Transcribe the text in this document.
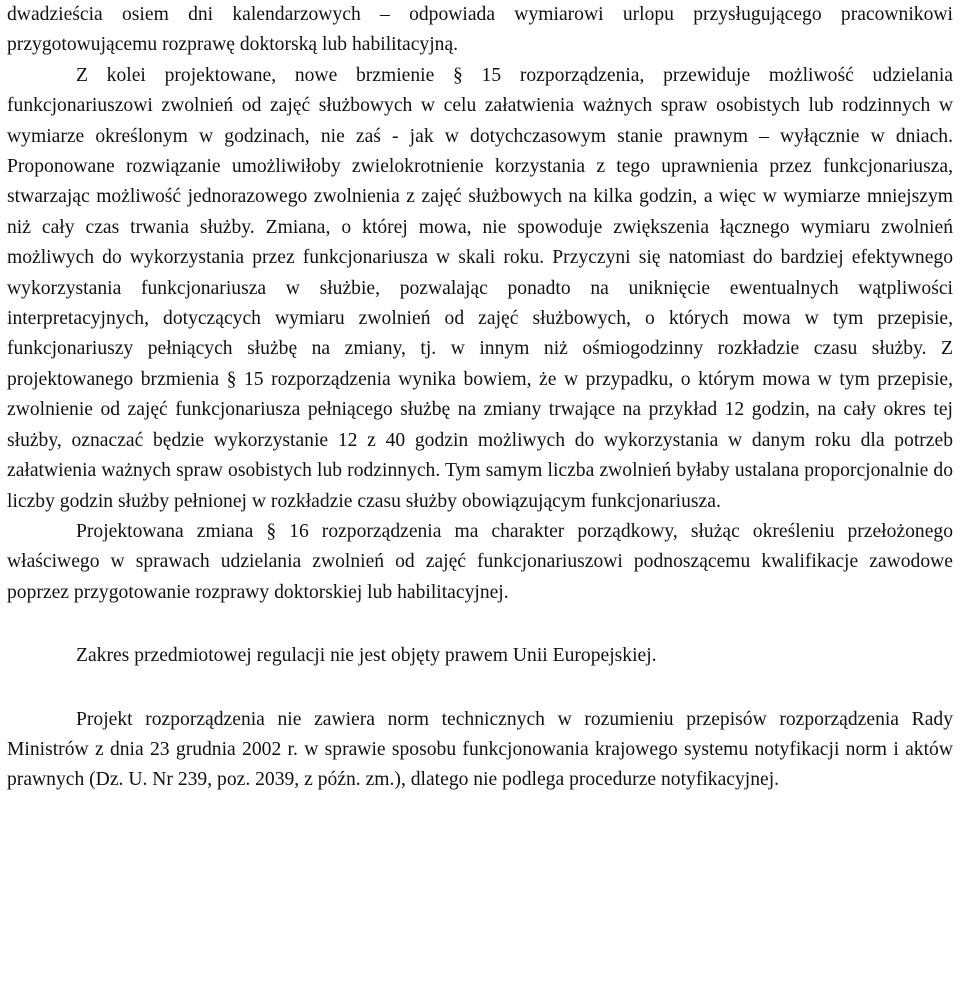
dwadzieścia osiem dni kalendarzowych – odpowiada wymiarowi urlopu przysługującego pracownikowi przygotowującemu rozprawę doktorską lub habilitacyjną.

Z kolei projektowane, nowe brzmienie § 15 rozporządzenia, przewiduje możliwość udzielania funkcjonariuszowi zwolnień od zajęć służbowych w celu załatwienia ważnych spraw osobistych lub rodzinnych w wymiarze określonym w godzinach, nie zaś - jak w dotychczasowym stanie prawnym – wyłącznie w dniach. Proponowane rozwiązanie umożliwiłoby zwielokrotnienie korzystania z tego uprawnienia przez funkcjonariusza, stwarzając możliwość jednorazowego zwolnienia z zajęć służbowych na kilka godzin, a więc w wymiarze mniejszym niż cały czas trwania służby. Zmiana, o której mowa, nie spowoduje zwiększenia łącznego wymiaru zwolnień możliwych do wykorzystania przez funkcjonariusza w skali roku. Przyczyni się natomiast do bardziej efektywnego wykorzystania funkcjonariusza w służbie, pozwalając ponadto na uniknięcie ewentualnych wątpliwości interpretacyjnych, dotyczących wymiaru zwolnień od zajęć służbowych, o których mowa w tym przepisie, funkcjonariuszy pełniących służbę na zmiany, tj. w innym niż ośmiogodzinny rozkładzie czasu służby. Z projektowanego brzmienia § 15 rozporządzenia wynika bowiem, że w przypadku, o którym mowa w tym przepisie, zwolnienie od zajęć funkcjonariusza pełniącego służbę na zmiany trwające na przykład 12 godzin, na cały okres tej służby, oznaczać będzie wykorzystanie 12 z 40 godzin możliwych do wykorzystania w danym roku dla potrzeb załatwienia ważnych spraw osobistych lub rodzinnych. Tym samym liczba zwolnień byłaby ustalana proporcjonalnie do liczby godzin służby pełnionej w rozkładzie czasu służby obowiązującym funkcjonariusza.

Projektowana zmiana § 16 rozporządzenia ma charakter porządkowy, służąc określeniu przełożonego właściwego w sprawach udzielania zwolnień od zajęć funkcjonariuszowi podnoszącemu kwalifikacje zawodowe poprzez przygotowanie rozprawy doktorskiej lub habilitacyjnej.

Zakres przedmiotowej regulacji nie jest objęty prawem Unii Europejskiej.

Projekt rozporządzenia nie zawiera norm technicznych w rozumieniu przepisów rozporządzenia Rady Ministrów z dnia 23 grudnia 2002 r. w sprawie sposobu funkcjonowania krajowego systemu notyfikacji norm i aktów prawnych (Dz. U. Nr 239, poz. 2039, z późn. zm.), dlatego nie podlega procedurze notyfikacyjnej.
